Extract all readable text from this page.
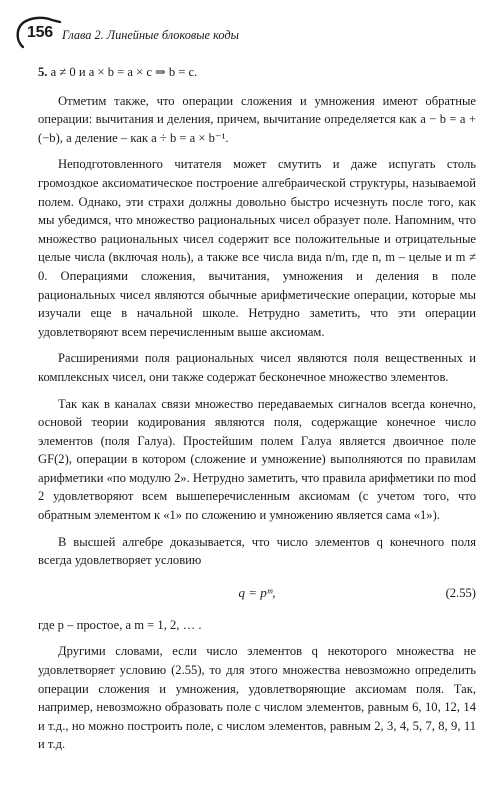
156 Глава 2. Линейные блоковые коды

5. a ≠ 0 и a × b = a × c ⇒ b = c.

Отметим также, что операции сложения и умножения имеют обратные операции: вычитания и деления, причем, вычитание определяется как a − b = a + (−b), а деление – как a ÷ b = a × b⁻¹.

Неподготовленного читателя может смутить и даже испугать столь громоздкое аксиоматическое построение алгебраической структуры, называемой полем. Однако, эти страхи должны довольно быстро исчезнуть после того, как мы убедимся, что множество рациональных чисел образует поле. Напомним, что множество рациональных чисел содержит все положительные и отрицательные целые числа (включая ноль), а также все числа вида n/m, где n, m – целые и m ≠ 0. Операциями сложения, вычитания, умножения и деления в поле рациональных чисел являются обычные арифметические операции, которые мы изучали еще в начальной школе. Нетрудно заметить, что эти операции удовлетворяют всем перечисленным выше аксиомам.

Расширениями поля рациональных чисел являются поля вещественных и комплексных чисел, они также содержат бесконечное множество элементов.

Так как в каналах связи множество передаваемых сигналов всегда конечно, основой теории кодирования являются поля, содержащие конечное число элементов (поля Галуа). Простейшим полем Галуа является двоичное поле GF(2), операции в котором (сложение и умножение) выполняются по правилам арифметики «по модулю 2». Нетрудно заметить, что правила арифметики по mod 2 удовлетворяют всем вышеперечисленным аксиомам (с учетом того, что обратным элементом к «1» по сложению и умножению является сама «1»).

В высшей алгебре доказывается, что число элементов q конечного поля всегда удовлетворяет условию

q = pᵐ,	(2.55)

где p – простое, а m = 1, 2, … .

Другими словами, если число элементов q некоторого множества не удовлетворяет условию (2.55), то для этого множества невозможно определить операции сложения и умножения, удовлетворяющие аксиомам поля. Так, например, невозможно образовать поле с числом элементов, равным 6, 10, 12, 14 и т.д., но можно построить поле, с числом элементов, равным 2, 3, 4, 5, 7, 8, 9, 11 и т.д.
